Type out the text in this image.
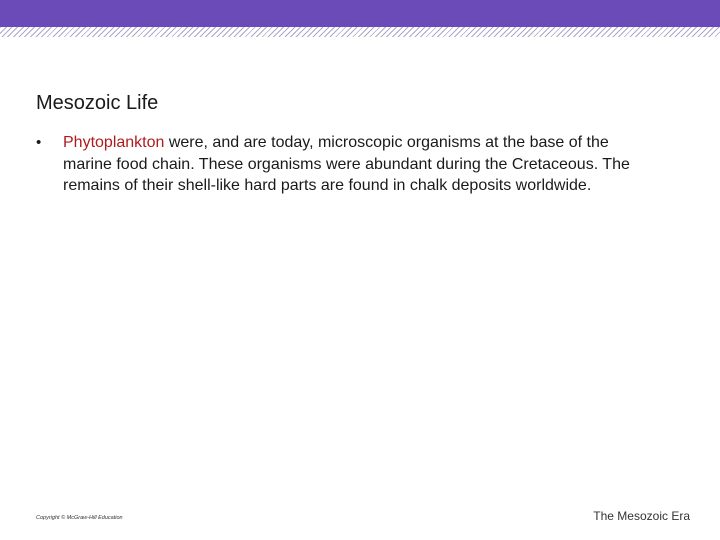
Mesozoic Life
• Phytoplankton were, and are today, microscopic organisms at the base of the marine food chain. These organisms were abundant during the Cretaceous. The remains of their shell-like hard parts are found in chalk deposits worldwide.

Copyright © McGraw-Hill Education	The Mesozoic Era
